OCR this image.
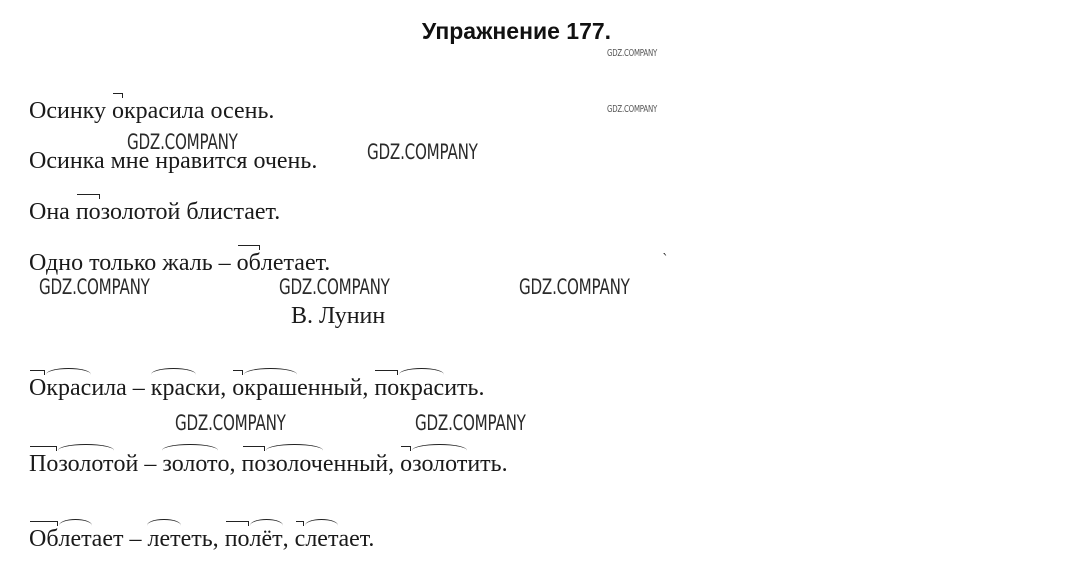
Упражнение 177.
Осинку окрасила осень.
Осинка мне нравится очень.
Она позолотой блистает.
Одно только жаль – облетает.
В. Лунин
Окрасила – краски, окрашенный, покрасить.
Позолотой – золото, позолоченный, озолотить.
Облетает – лететь, полёт, слетает.
GDZ.COMPANY
GDZ.COMPANY
GDZ.COMPANY	GDZ.COMPANY
GDZ.COMPANY	GDZ.COMPANY	GDZ.COMPANY
GDZ.COMPANY	GDZ.COMPANY
`
